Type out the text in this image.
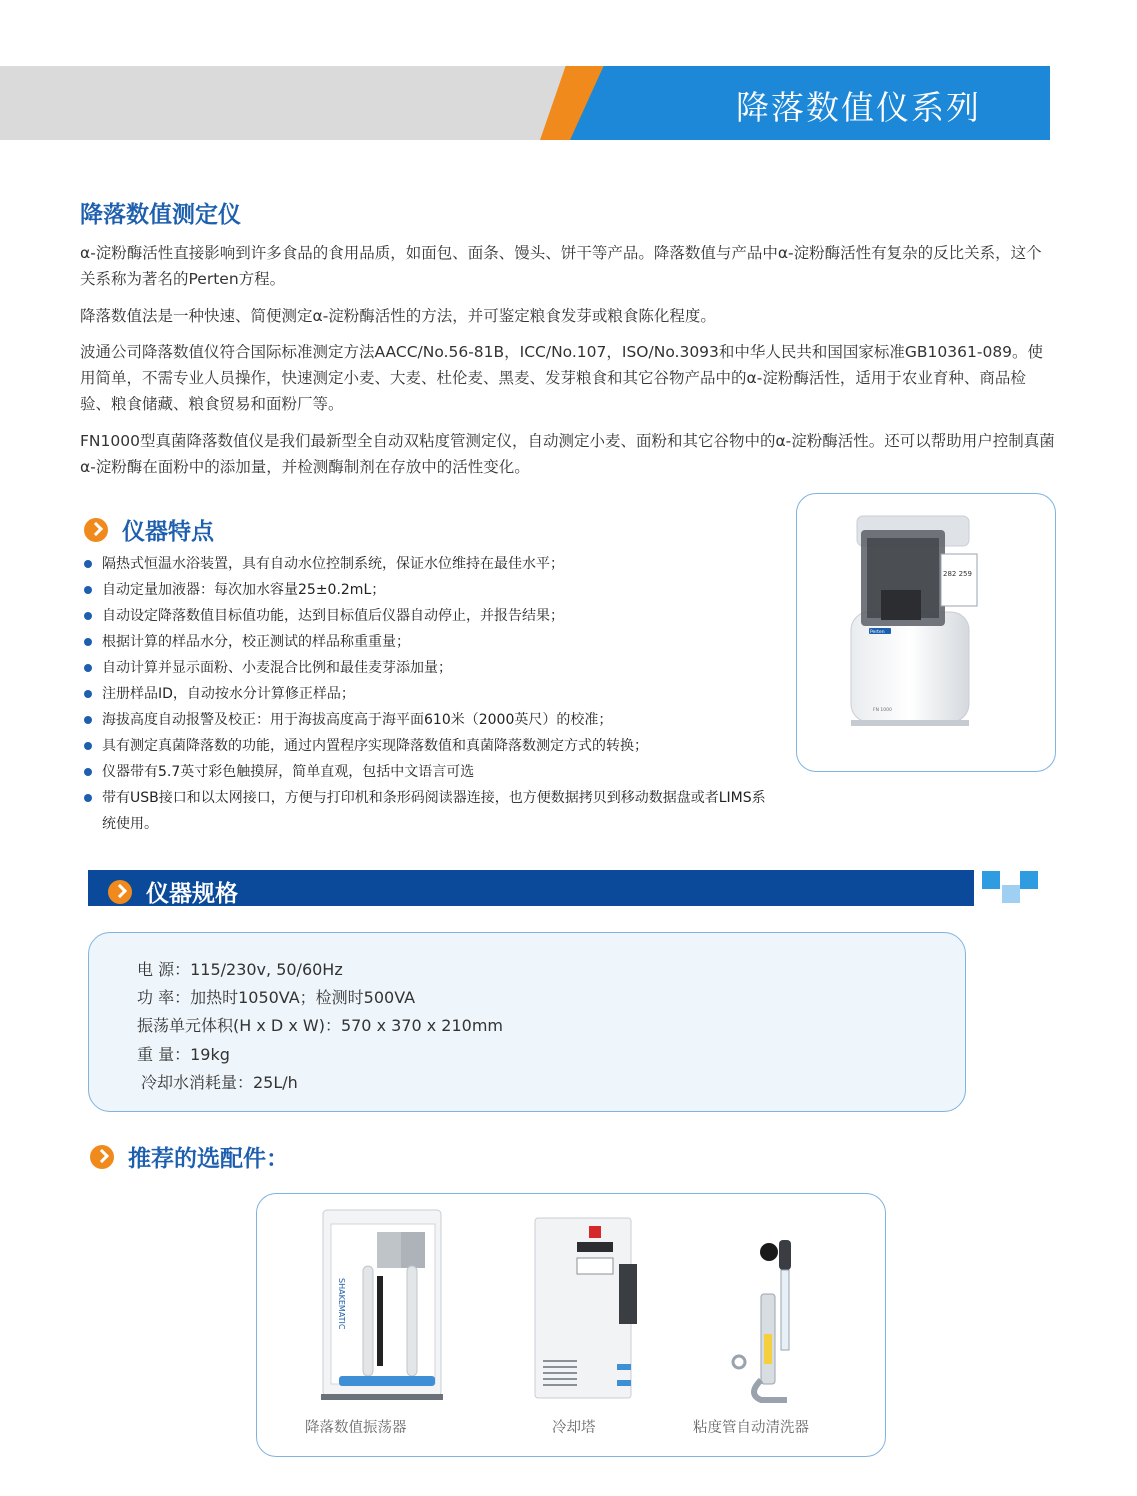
降落数值仪系列
降落数值测定仪

α-淀粉酶活性直接影响到许多食品的食用品质，如面包、面条、馒头、饼干等产品。降落数值与产品中α-淀粉酶活性有复杂的反比关系，这个关系称为著名的Perten方程。

降落数值法是一种快速、简便测定α-淀粉酶活性的方法，并可鉴定粮食发芽或粮食陈化程度。

波通公司降落数值仪符合国际标准测定方法AACC/No.56-81B，ICC/No.107，ISO/No.3093和中华人民共和国国家标准GB10361-089。使用简单，不需专业人员操作，快速测定小麦、大麦、杜伦麦、黑麦、发芽粮食和其它谷物产品中的α-淀粉酶活性，适用于农业育种、商品检验、粮食储藏、粮食贸易和面粉厂等。

FN1000型真菌降落数值仪是我们最新型全自动双粘度管测定仪，自动测定小麦、面粉和其它谷物中的α-淀粉酶活性。还可以帮助用户控制真菌α-淀粉酶在面粉中的添加量，并检测酶制剂在存放中的活性变化。

仪器特点
隔热式恒温水浴装置，具有自动水位控制系统，保证水位维持在最佳水平；
自动定量加液器：每次加水容量25±0.2mL；
自动设定降落数值目标值功能，达到目标值后仪器自动停止，并报告结果；
根据计算的样品水分，校正测试的样品称重重量；
自动计算并显示面粉、小麦混合比例和最佳麦芽添加量；
注册样品ID，自动按水分计算修正样品；
海拔高度自动报警及校正：用于海拔高度高于海平面610米（2000英尺）的校准；
具有测定真菌降落数的功能，通过内置程序实现降落数值和真菌降落数测定方式的转换；
仪器带有5.7英寸彩色触摸屏，简单直观，包括中文语言可选
带有USB接口和以太网接口，方便与打印机和条形码阅读器连接，也方便数据拷贝到移动数据盘或者LIMS系统使用。
282 259
Perten
FN 1000
仪器规格
电 源：115/230v, 50/60Hz
功 率：加热时1050VA；检测时500VA
振荡单元体积(H x D x W)：570 x 370 x 210mm
重 量：19kg
冷却水消耗量：25L/h
推荐的选配件：
SHAKEMATIC
降落数值振荡器	冷却塔	粘度管自动清洗器
